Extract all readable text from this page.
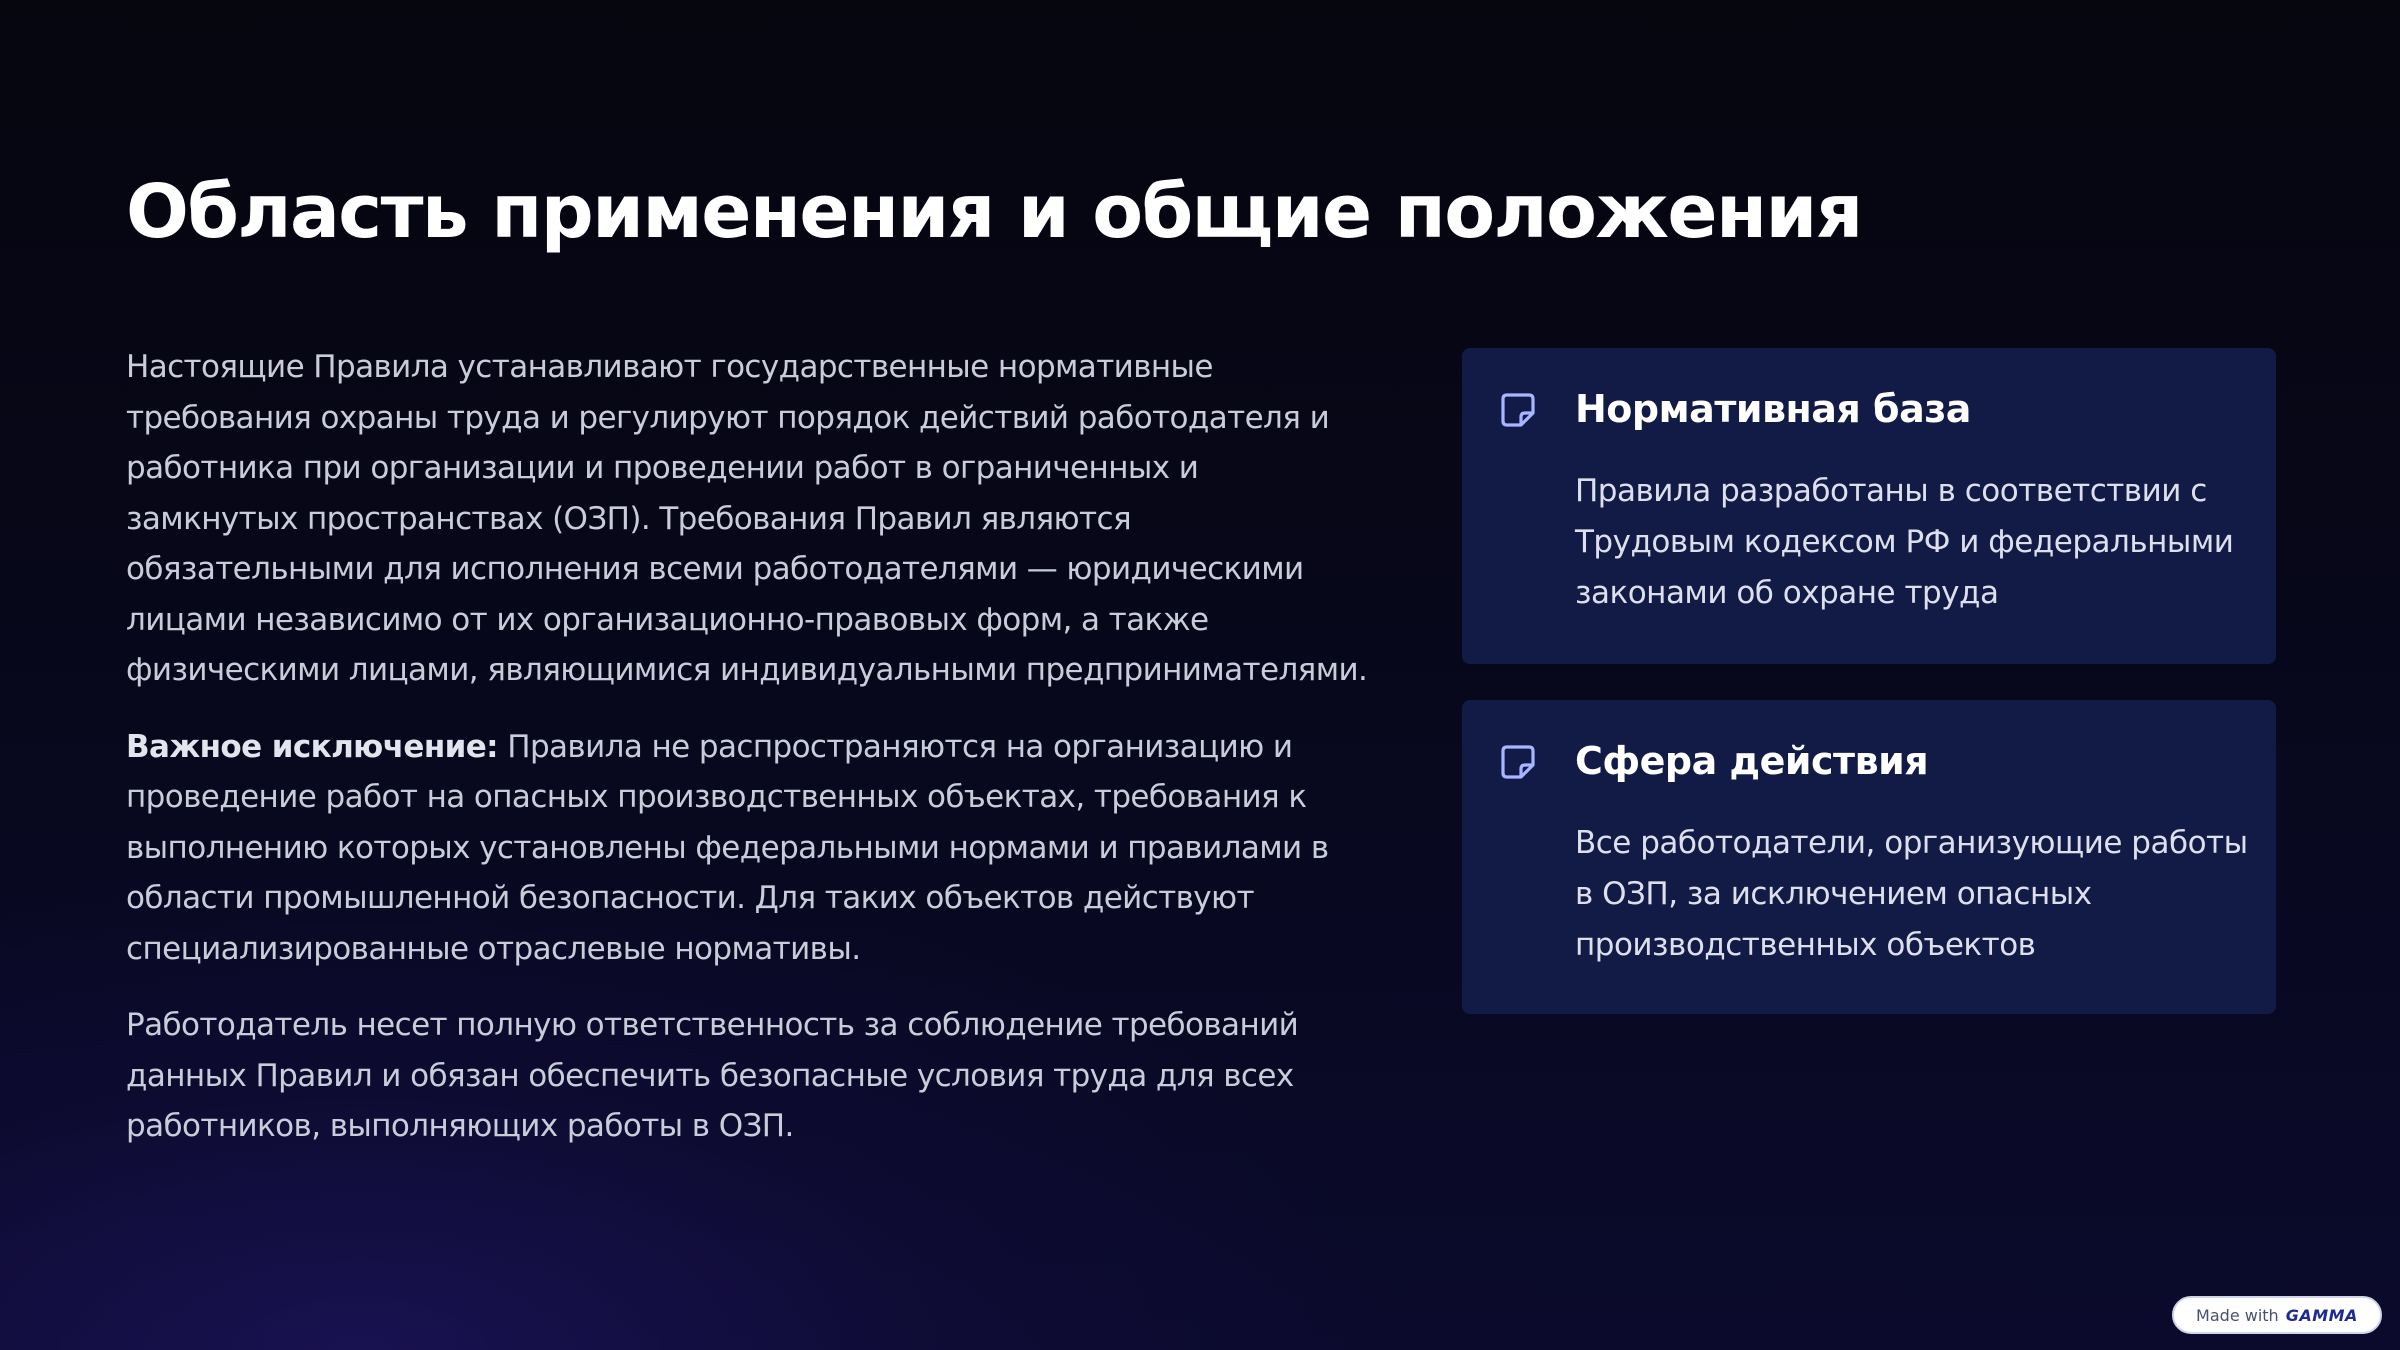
Область применения и общие положения

Настоящие Правила устанавливают государственные нормативные требования охраны труда и регулируют порядок действий работодателя и работника при организации и проведении работ в ограниченных и замкнутых пространствах (ОЗП). Требования Правил являются обязательными для исполнения всеми работодателями — юридическими лицами независимо от их организационно-правовых форм, а также физическими лицами, являющимися индивидуальными предпринимателями.

Важное исключение: Правила не распространяются на организацию и проведение работ на опасных производственных объектах, требования к выполнению которых установлены федеральными нормами и правилами в области промышленной безопасности. Для таких объектов действуют специализированные отраслевые нормативы.

Работодатель несет полную ответственность за соблюдение требований данных Правил и обязан обеспечить безопасные условия труда для всех работников, выполняющих работы в ОЗП.

Нормативная база

Правила разработаны в соответствии с Трудовым кодексом РФ и федеральными законами об охране труда

Сфера действия

Все работодатели, организующие работы в ОЗП, за исключением опасных производственных объектов

Made with GAMMA
